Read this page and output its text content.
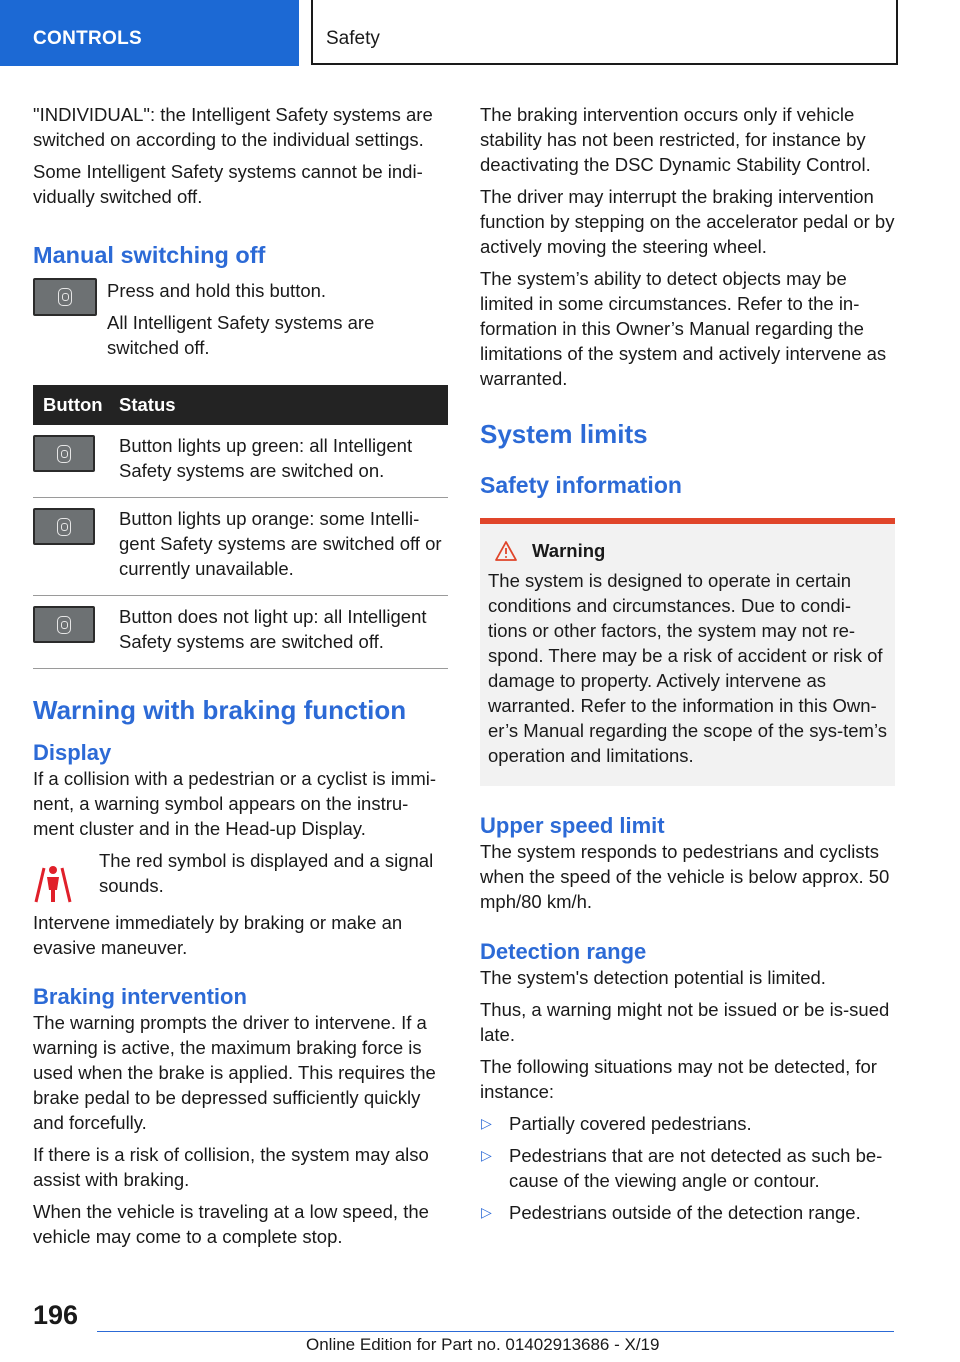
CONTROLS	Safety

"INDIVIDUAL": the Intelligent Safety systems are switched on according to the individual settings.

Some Intelligent Safety systems cannot be indi-vidually switched off.

Manual switching off

Press and hold this button.

All Intelligent Safety systems are switched off.

Button	Status

	Button lights up green: all Intelligent Safety systems are switched on.

	Button lights up orange: some Intelli-gent Safety systems are switched off or currently unavailable.

	Button does not light up: all Intelligent Safety systems are switched off.
Warning with braking function
Display

If a collision with a pedestrian or a cyclist is immi-nent, a warning symbol appears on the instru-ment cluster and in the Head-up Display.

The red symbol is displayed and a signal sounds.

Intervene immediately by braking or make an evasive maneuver.

Braking intervention

The warning prompts the driver to intervene. If a warning is active, the maximum braking force is used when the brake is applied. This requires the brake pedal to be depressed sufficiently quickly and forcefully.

If there is a risk of collision, the system may also assist with braking.

When the vehicle is traveling at a low speed, the vehicle may come to a complete stop.

The braking intervention occurs only if vehicle stability has not been restricted, for instance by deactivating the DSC Dynamic Stability Control.

The driver may interrupt the braking intervention function by stepping on the accelerator pedal or by actively moving the steering wheel.

The system’s ability to detect objects may be limited in some circumstances. Refer to the in-formation in this Owner’s Manual regarding the limitations of the system and actively intervene as warranted.

System limits
Safety information
Warning

The system is designed to operate in certain conditions and circumstances. Due to condi-tions or other factors, the system may not re-spond. There may be a risk of accident or risk of damage to property. Actively intervene as warranted. Refer to the information in this Own-er’s Manual regarding the scope of the sys-tem’s operation and limitations.

Upper speed limit

The system responds to pedestrians and cyclists when the speed of the vehicle is below approx. 50 mph/80 km/h.

Detection range

The system's detection potential is limited.

Thus, a warning might not be issued or be is-sued late.

The following situations may not be detected, for instance:

▷ Partially covered pedestrians.
▷ Pedestrians that are not detected as such be-cause of the viewing angle or contour.
▷ Pedestrians outside of the detection range.
196
Online Edition for Part no. 01402913686 - X/19
